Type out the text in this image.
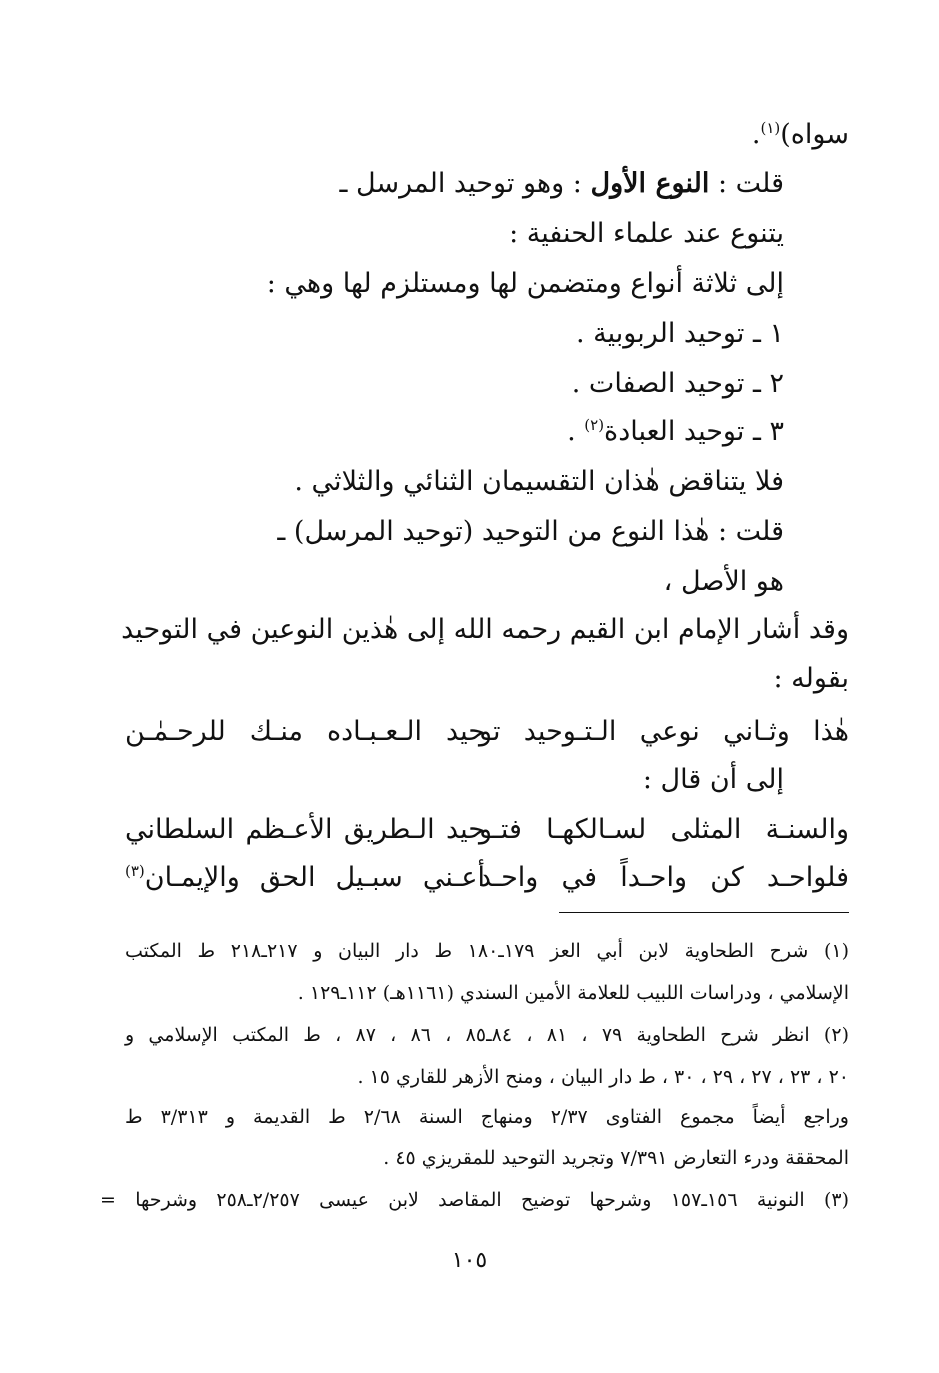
سواه)$^{(١)}$.
قلت : النوع الأول : وهو توحيد المرسل ـ
يتنوع عند علماء الحنفية :
إلى ثلاثة أنواع ومتضمن لها ومستلزم لها وهي :
١ ـ توحيد الربوبية .
٢ ـ توحيد الصفات .
٣ ـ توحيد العبادة$^{(٢)}$ .
فلا يتناقض هٰذان التقسيمان الثنائي والثلاثي .
قلت : هٰذا النوع من التوحيد (توحيد المرسل) ـ
هو الأصل ،
وقد أشار الإمام ابن القيم رحمه الله إلى هٰذين النوعين في التوحيد
بقوله :
هٰذا وثـاني نوعي الـتـوحيد تو
حيد الـعـبـاده منـك للرحـمٰـن
إلى أن قال :
والسنـة المثلى لسـالكهـا فتـو
حيد الـطريق الأعـظم السلطاني
فلواحـد كن واحـداً في واحـد
أعـني سبـيل الحق والإيمـان$^{(٣)}$
(١) شرح الطحاوية لابن أبي العز ١٧٩ـ١٨٠ ط دار البيان و ٢١٧ـ٢١٨ ط المكتب
الإسلامي ، ودراسات اللبيب للعلامة الأمين السندي (١١٦١هـ) ١١٢ـ١٢٩ .
(٢) انظر شرح الطحاوية ٧٩ ، ٨١ ، ٨٤ـ٨٥ ، ٨٦ ، ٨٧ ، ط المكتب الإسلامي و
٢٠ ، ٢٣ ، ٢٧ ، ٢٩ ، ٣٠ ، ط دار البيان ، ومنح الأزهر للقاري ١٥ .
وراجع أيضاً مجموع الفتاوى ٢/٣٧ ومنهاج السنة ٢/٦٨ ط القديمة و ٣/٣١٣ ط
المحققة ودرء التعارض ٧/٣٩١ وتجريد التوحيد للمقريزي ٤٥ .
(٣) النونية ١٥٦ـ١٥٧ وشرحها توضيح المقاصد لابن عيسى ٢/٢٥٧ـ٢٥٨ وشرحها =
١٠٥
